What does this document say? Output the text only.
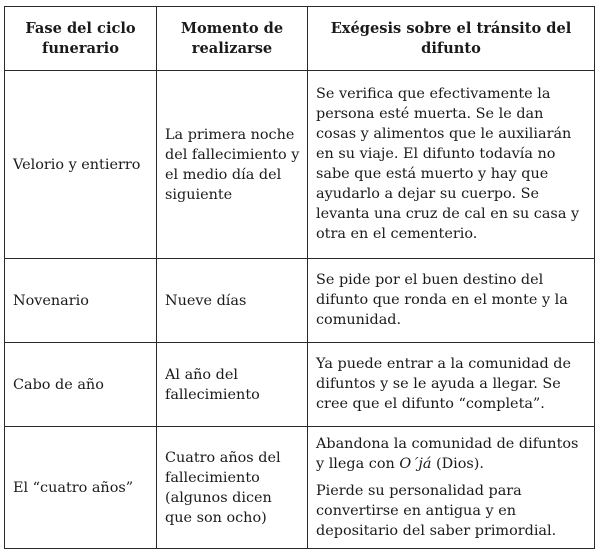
Fase del ciclo funerario	Momento de realizarse	Exégesis sobre el tránsito del difunto
Velorio y entierro	La primera noche del fallecimiento y el medio día del siguiente	Se verifica que efectivamente la persona esté muerta. Se le dan cosas y alimentos que le auxiliarán en su viaje. El difunto todavía no sabe que está muerto y hay que ayudarlo a dejar su cuerpo. Se levanta una cruz de cal en su casa y otra en el cementerio.

Novenario	Nueve días	Se pide por el buen destino del difunto que ronda en el monte y la comunidad.

Cabo de año	Al año del fallecimiento	Ya puede entrar a la comunidad de difuntos y se le ayuda a llegar. Se cree que el difunto “completa”.

El “cuatro años”	Cuatro años del fallecimiento (algunos dicen que son ocho)	Abandona la comunidad de difuntos y llega con O´já (Dios).
Pierde su personalidad para convertirse en antigua y en depositario del saber primordial.
